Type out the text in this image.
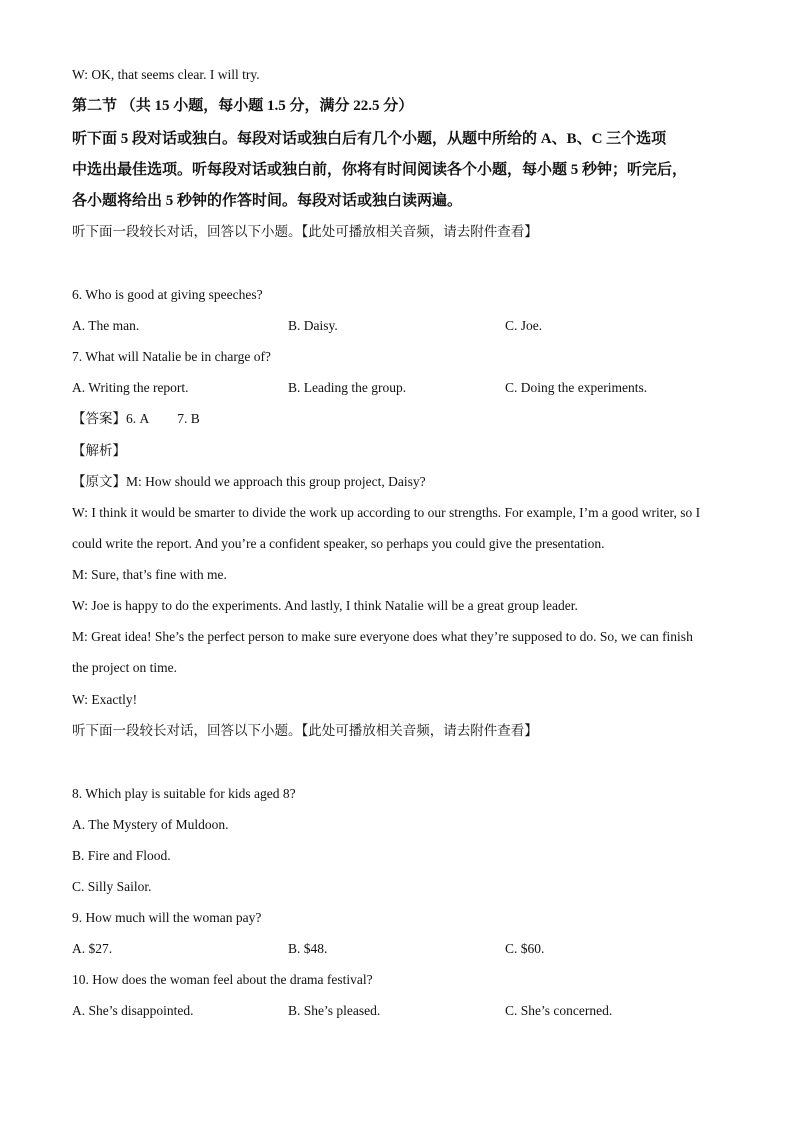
W: OK, that seems clear. I will try.
第二节 （共 15 小题，每小题 1.5 分，满分 22.5 分）
听下面 5 段对话或独白。每段对话或独白后有几个小题，从题中所给的 A、B、C 三个选项
中选出最佳选项。听每段对话或独白前，你将有时间阅读各个小题，每小题 5 秒钟；听完后，
各小题将给出 5 秒钟的作答时间。每段对话或独白读两遍。
听下面一段较长对话，回答以下小题。【此处可播放相关音频，请去附件查看】
6. Who is good at giving speeches?
A. The man.	B. Daisy.	C. Joe.
7. What will Natalie be in charge of?
A. Writing the report.	B. Leading the group.	C. Doing the experiments.
【答案】6. A 7. B
【解析】
【原文】M: How should we approach this group project, Daisy?
W: I think it would be smarter to divide the work up according to our strengths. For example, I’m a good writer, so I
could write the report. And you’re a confident speaker, so perhaps you could give the presentation.
M: Sure, that’s fine with me.
W: Joe is happy to do the experiments. And lastly, I think Natalie will be a great group leader.
M: Great idea! She’s the perfect person to make sure everyone does what they’re supposed to do. So, we can finish
the project on time.
W: Exactly!
听下面一段较长对话，回答以下小题。【此处可播放相关音频，请去附件查看】
8. Which play is suitable for kids aged 8?
A. The Mystery of Muldoon.
B. Fire and Flood.
C. Silly Sailor.
9. How much will the woman pay?
A. $27.	B. $48.	C. $60.
10. How does the woman feel about the drama festival?
A. She’s disappointed.	B. She’s pleased.	C. She’s concerned.
